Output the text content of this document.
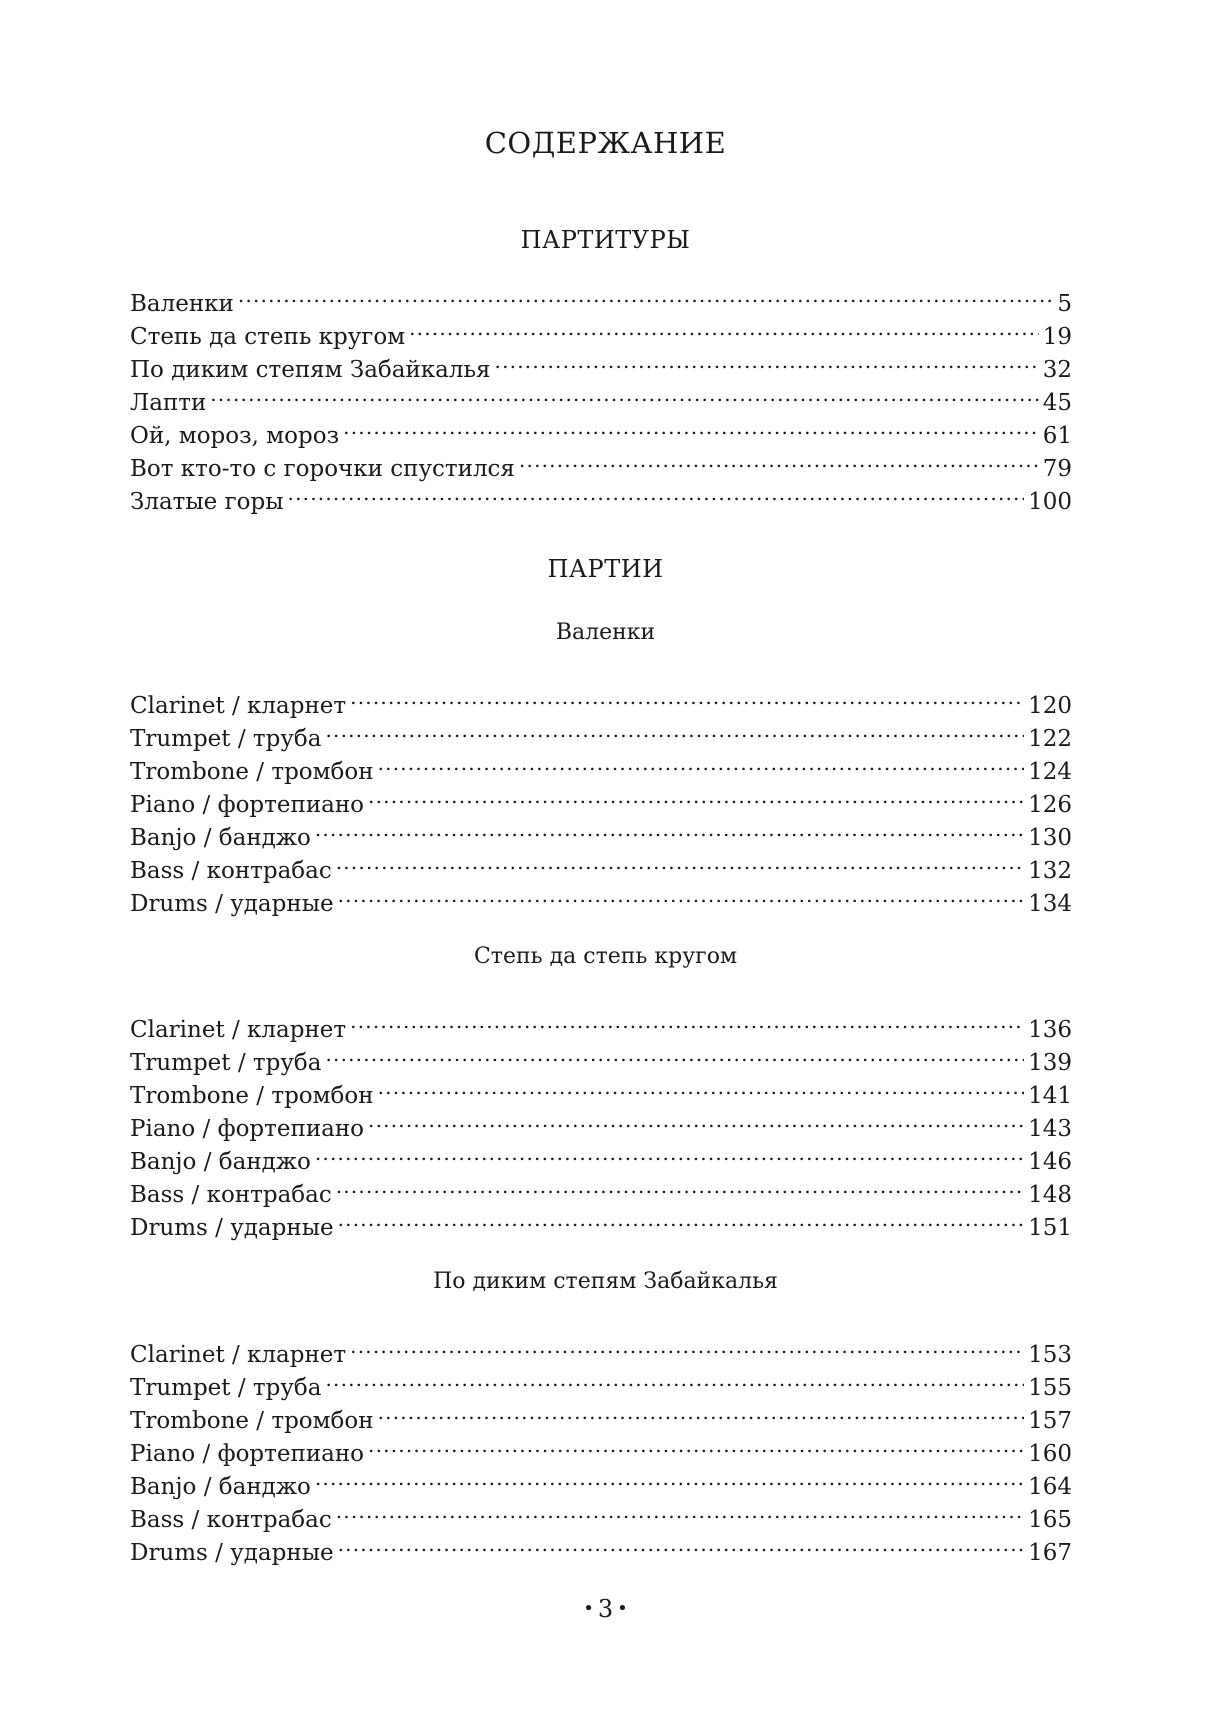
СОДЕРЖАНИЕ
ПАРТИТУРЫ
Валенки .....	5
Степь да степь кругом .....	19
По диким степям Забайкалья .....	32
Лапти .....	45
Ой, мороз, мороз .....	61
Вот кто-то с горочки спустился .....	79
Златые горы .....	100
ПАРТИИ
Валенки
Clarinet / кларнет .....	120
Trumpet / труба .....	122
Trombone / тромбон .....	124
Piano / фортепиано .....	126
Banjo / банджо .....	130
Bass / контрабас .....	132
Drums / ударные .....	134
Степь да степь кругом
Clarinet / кларнет .....	136
Trumpet / труба .....	139
Trombone / тромбон .....	141
Piano / фортепиано .....	143
Banjo / банджо .....	146
Bass / контрабас .....	148
Drums / ударные .....	151
По диким степям Забайкалья
Clarinet / кларнет .....	153
Trumpet / труба .....	155
Trombone / тромбон .....	157
Piano / фортепиано .....	160
Banjo / банджо .....	164
Bass / контрабас .....	165
Drums / ударные .....	167
• 3 •
